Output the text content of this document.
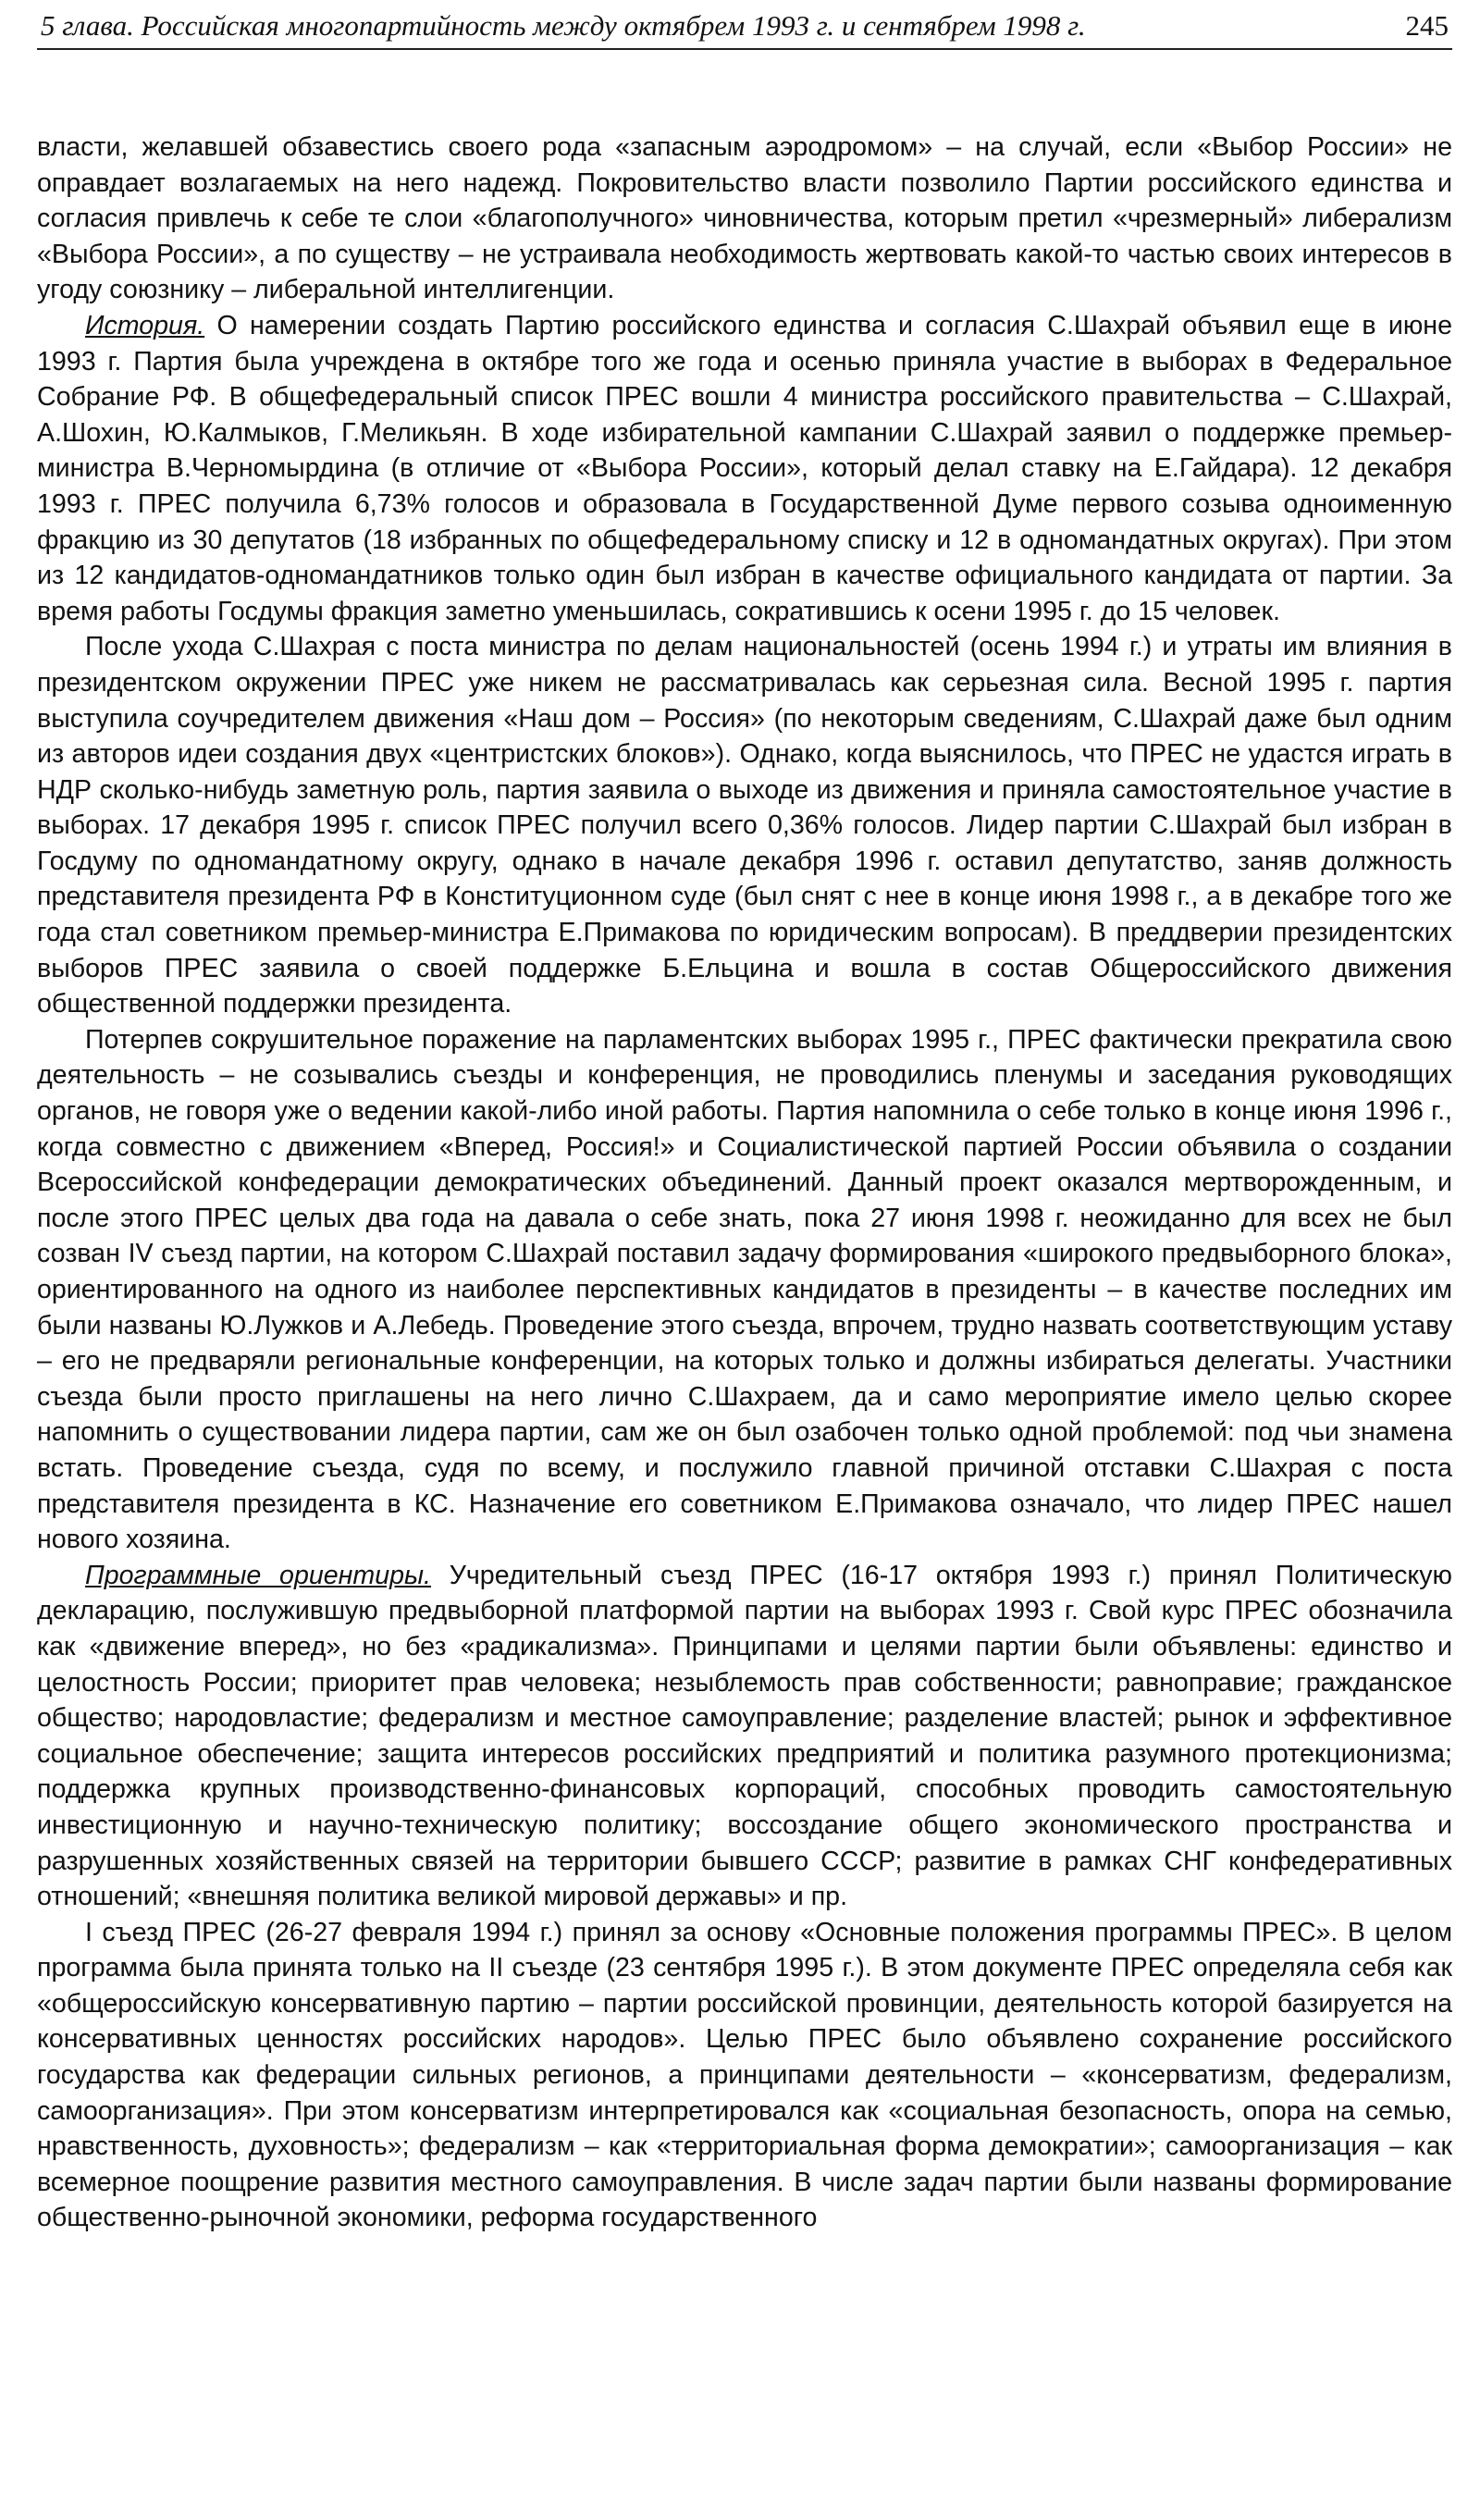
5 глава. Российская многопартийность между октябрем 1993 г. и сентябрем 1998 г.	245

власти, желавшей обзавестись своего рода «запасным аэродромом» – на случай, если «Выбор России» не оправдает возлагаемых на него надежд. Покровительство власти позволило Партии российского единства и согласия привлечь к себе те слои «благополучного» чиновничества, которым претил «чрезмерный» либерализм «Выбора России», а по существу – не устраивала необходимость жертвовать какой-то частью своих интересов в угоду союзнику – либеральной интеллигенции.

История. О намерении создать Партию российского единства и согласия С.Шахрай объявил еще в июне 1993 г. Партия была учреждена в октябре того же года и осенью приняла участие в выборах в Федеральное Собрание РФ. В общефедеральный список ПРЕС вошли 4 министра российского правительства – С.Шахрай, А.Шохин, Ю.Калмыков, Г.Меликьян. В ходе избирательной кампании С.Шахрай заявил о поддержке премьер-министра В.Черномырдина (в отличие от «Выбора России», который делал ставку на Е.Гайдара). 12 декабря 1993 г. ПРЕС получила 6,73% голосов и образовала в Государственной Думе первого созыва одноименную фракцию из 30 депутатов (18 избранных по общефедеральному списку и 12 в одномандатных округах). При этом из 12 кандидатов-одномандатников только один был избран в качестве официального кандидата от партии. За время работы Госдумы фракция заметно уменьшилась, сократившись к осени 1995 г. до 15 человек.

После ухода С.Шахрая с поста министра по делам национальностей (осень 1994 г.) и утраты им влияния в президентском окружении ПРЕС уже никем не рассматривалась как серьезная сила. Весной 1995 г. партия выступила соучредителем движения «Наш дом – Россия» (по некоторым сведениям, С.Шахрай даже был одним из авторов идеи создания двух «центристских блоков»). Однако, когда выяснилось, что ПРЕС не удастся играть в НДР сколько-нибудь заметную роль, партия заявила о выходе из движения и приняла самостоятельное участие в выборах. 17 декабря 1995 г. список ПРЕС получил всего 0,36% голосов. Лидер партии С.Шахрай был избран в Госдуму по одномандатному округу, однако в начале декабря 1996 г. оставил депутатство, заняв должность представителя президента РФ в Конституционном суде (был снят с нее в конце июня 1998 г., а в декабре того же года стал советником премьер-министра Е.Примакова по юридическим вопросам). В преддверии президентских выборов ПРЕС заявила о своей поддержке Б.Ельцина и вошла в состав Общероссийского движения общественной поддержки президента.

Потерпев сокрушительное поражение на парламентских выборах 1995 г., ПРЕС фактически прекратила свою деятельность – не созывались съезды и конференция, не проводились пленумы и заседания руководящих органов, не говоря уже о ведении какой-либо иной работы. Партия напомнила о себе только в конце июня 1996 г., когда совместно с движением «Вперед, Россия!» и Социалистической партией России объявила о создании Всероссийской конфедерации демократических объединений. Данный проект оказался мертворожденным, и после этого ПРЕС целых два года на давала о себе знать, пока 27 июня 1998 г. неожиданно для всех не был созван IV съезд партии, на котором С.Шахрай поставил задачу формирования «широкого предвыборного блока», ориентированного на одного из наиболее перспективных кандидатов в президенты – в качестве последних им были названы Ю.Лужков и А.Лебедь. Проведение этого съезда, впрочем, трудно назвать соответствующим уставу – его не предваряли региональные конференции, на которых только и должны избираться делегаты. Участники съезда были просто приглашены на него лично С.Шахраем, да и само мероприятие имело целью скорее напомнить о существовании лидера партии, сам же он был озабочен только одной проблемой: под чьи знамена встать. Проведение съезда, судя по всему, и послужило главной причиной отставки С.Шахрая с поста представителя президента в КС. Назначение его советником Е.Примакова означало, что лидер ПРЕС нашел нового хозяина.

Программные ориентиры. Учредительный съезд ПРЕС (16-17 октября 1993 г.) принял Политическую декларацию, послужившую предвыборной платформой партии на выборах 1993 г. Свой курс ПРЕС обозначила как «движение вперед», но без «радикализма». Принципами и целями партии были объявлены: единство и целостность России; приоритет прав человека; незыблемость прав собственности; равноправие; гражданское общество; народовластие; федерализм и местное самоуправление; разделение властей; рынок и эффективное социальное обеспечение; защита интересов российских предприятий и политика разумного протекционизма; поддержка крупных производственно-финансовых корпораций, способных проводить самостоятельную инвестиционную и научно-техническую политику; воссоздание общего экономического пространства и разрушенных хозяйственных связей на территории бывшего СССР; развитие в рамках СНГ конфедеративных отношений; «внешняя политика великой мировой державы» и пр.

I съезд ПРЕС (26-27 февраля 1994 г.) принял за основу «Основные положения программы ПРЕС». В целом программа была принята только на II съезде (23 сентября 1995 г.). В этом документе ПРЕС определяла себя как «общероссийскую консервативную партию – партии российской провинции, деятельность которой базируется на консервативных ценностях российских народов». Целью ПРЕС было объявлено сохранение российского государства как федерации сильных регионов, а принципами деятельности – «консерватизм, федерализм, самоорганизация». При этом консерватизм интерпретировался как «социальная безопасность, опора на семью, нравственность, духовность»; федерализм – как «территориальная форма демократии»; самоорганизация – как всемерное поощрение развития местного самоуправления. В числе задач партии были названы формирование общественно-рыночной экономики, реформа государственного
